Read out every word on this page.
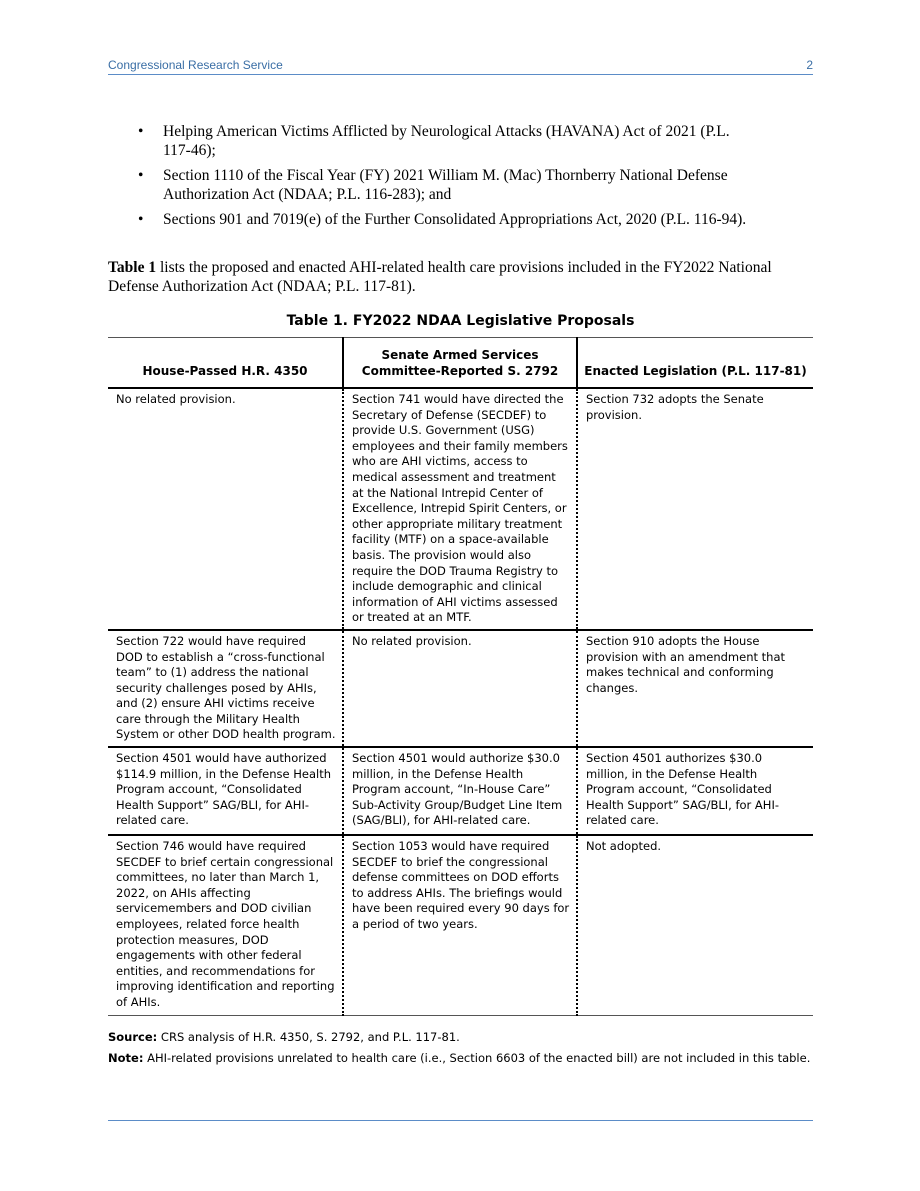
Congressional Research Service	2
• Helping American Victims Afflicted by Neurological Attacks (HAVANA) Act of 2021 (P.L. 117-46);
• Section 1110 of the Fiscal Year (FY) 2021 William M. (Mac) Thornberry National Defense Authorization Act (NDAA; P.L. 116-283); and
• Sections 901 and 7019(e) of the Further Consolidated Appropriations Act, 2020 (P.L. 116-94).

Table 1 lists the proposed and enacted AHI-related health care provisions included in the FY2022 National Defense Authorization Act (NDAA; P.L. 117-81).

Table 1. FY2022 NDAA Legislative Proposals
House-Passed H.R. 4350	Senate Armed Services Committee-Reported S. 2792	Enacted Legislation (P.L. 117-81)
No related provision.	Section 741 would have directed the Secretary of Defense (SECDEF) to provide U.S. Government (USG) employees and their family members who are AHI victims, access to medical assessment and treatment at the National Intrepid Center of Excellence, Intrepid Spirit Centers, or other appropriate military treatment facility (MTF) on a space-available basis. The provision would also require the DOD Trauma Registry to include demographic and clinical information of AHI victims assessed or treated at an MTF.	Section 732 adopts the Senate provision.
Section 722 would have required DOD to establish a “cross-functional team” to (1) address the national security challenges posed by AHIs, and (2) ensure AHI victims receive care through the Military Health System or other DOD health program.	No related provision.	Section 910 adopts the House provision with an amendment that makes technical and conforming changes.
Section 4501 would have authorized $114.9 million, in the Defense Health Program account, “Consolidated Health Support” SAG/BLI, for AHI-related care.	Section 4501 would authorize $30.0 million, in the Defense Health Program account, “In-House Care” Sub-Activity Group/Budget Line Item (SAG/BLI), for AHI-related care.	Section 4501 authorizes $30.0 million, in the Defense Health Program account, “Consolidated Health Support” SAG/BLI, for AHI-related care.
Section 746 would have required SECDEF to brief certain congressional committees, no later than March 1, 2022, on AHIs affecting servicemembers and DOD civilian employees, related force health protection measures, DOD engagements with other federal entities, and recommendations for improving identification and reporting of AHIs.	Section 1053 would have required SECDEF to brief the congressional defense committees on DOD efforts to address AHIs. The briefings would have been required every 90 days for a period of two years.	Not adopted.
Source: CRS analysis of H.R. 4350, S. 2792, and P.L. 117-81.
Note: AHI-related provisions unrelated to health care (i.e., Section 6603 of the enacted bill) are not included in this table.
